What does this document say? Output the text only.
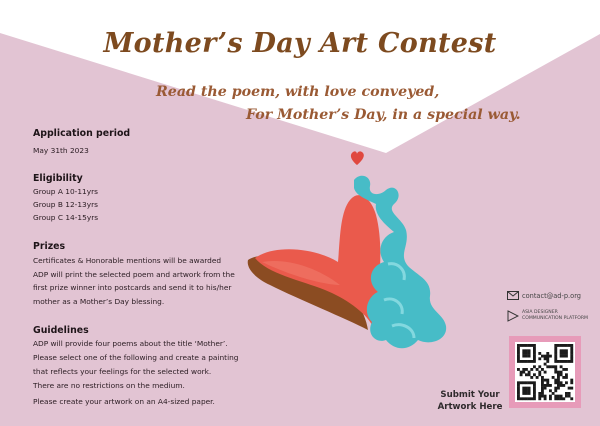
Mother’s Day Art Contest
Read the poem, with love conveyed,
For Mother’s Day, in a special way.
Application period
May 31th 2023
Eligibility
Group A 10-11yrs
Group B 12-13yrs
Group C 14-15yrs
Prizes
Certificates & Honorable mentions will be awarded
ADP will print the selected poem and artwork from the
first prize winner into postcards and send it to his/her
mother as a Mother’s Day blessing.
Guidelines
ADP will provide four poems about the title ‘Mother’.
Please select one of the following and create a painting
that reflects your feelings for the selected work.
There are no restrictions on the medium.
Please create your artwork on an A4-sized paper.
contact@ad-p.org
ASIA DESIGNER
COMMUNICATION PLATFORM
Submit Your
Artwork Here
